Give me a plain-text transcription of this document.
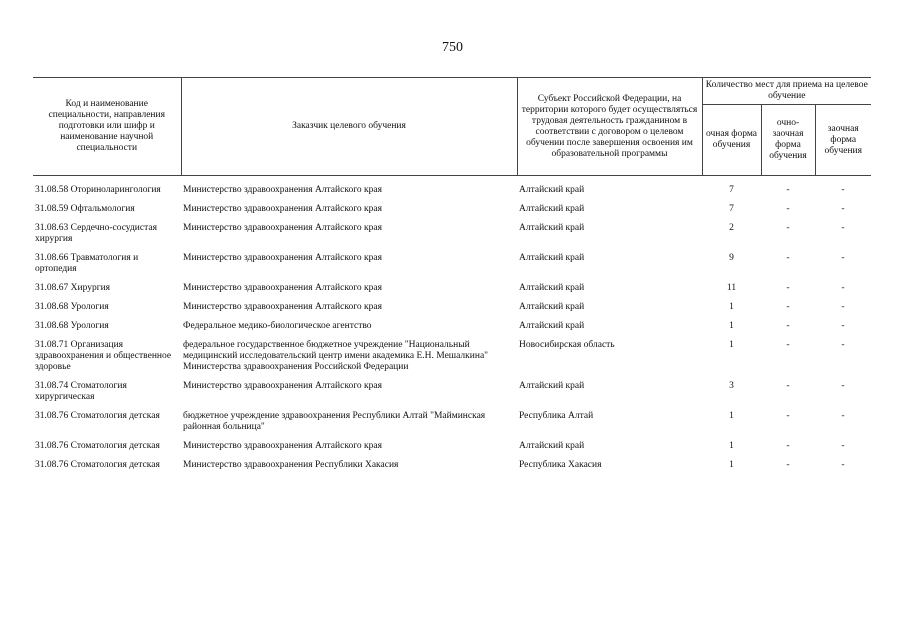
750
Код и наименование специальности, направления подготовки или шифр и наименование научной специальности	Заказчик целевого обучения	Субъект Российской Федерации, на территории которого будет осуществляться трудовая деятельность гражданином в соответствии с договором о целевом обучении после завершения освоения им образовательной программы	Количество мест для приема на целевое обучение		
			очная форма обучения	очно-заочная форма обучения	заочная форма обучения

31.08.58 Оториноларингология	Министерство здравоохранения Алтайского края	Алтайский край	7	-	-
31.08.59 Офтальмология	Министерство здравоохранения Алтайского края	Алтайский край	7	-	-
31.08.63 Сердечно-сосудистая хирургия	Министерство здравоохранения Алтайского края	Алтайский край	2	-	-
31.08.66 Травматология и ортопедия	Министерство здравоохранения Алтайского края	Алтайский край	9	-	-
31.08.67 Хирургия	Министерство здравоохранения Алтайского края	Алтайский край	11	-	-
31.08.68 Урология	Министерство здравоохранения Алтайского края	Алтайский край	1	-	-
31.08.68 Урология	Федеральное медико-биологическое агентство	Алтайский край	1	-	-
31.08.71 Организация здравоохранения и общественное здоровье	федеральное государственное бюджетное учреждение "Национальный медицинский исследовательский центр имени академика Е.Н. Мешалкина" Министерства здравоохранения Российской Федерации	Новосибирская область	1	-	-
31.08.74 Стоматология хирургическая	Министерство здравоохранения Алтайского края	Алтайский край	3	-	-
31.08.76 Стоматология детская	бюджетное учреждение здравоохранения Республики Алтай "Майминская районная больница"	Республика Алтай	1	-	-
31.08.76 Стоматология детская	Министерство здравоохранения Алтайского края	Алтайский край	1	-	-
31.08.76 Стоматология детская	Министерство здравоохранения Республики Хакасия	Республика Хакасия	1	-	-
